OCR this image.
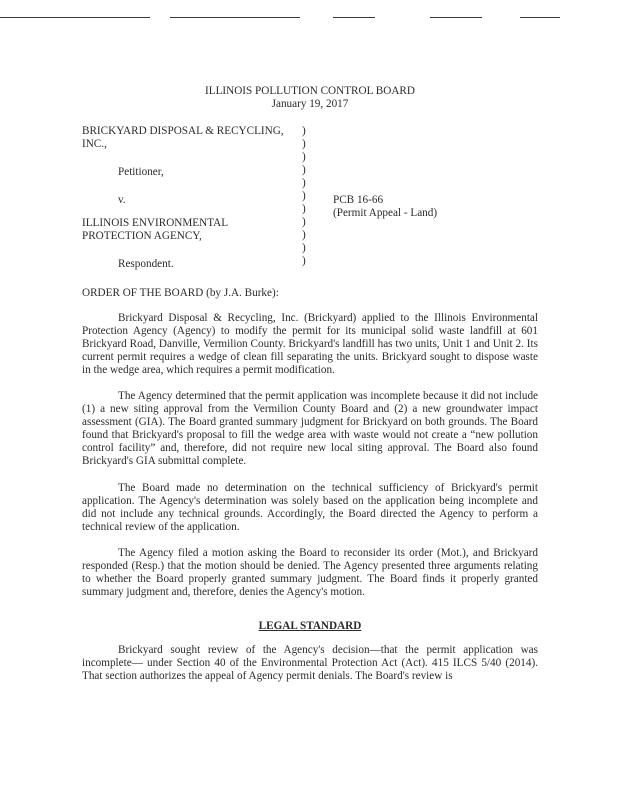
ILLINOIS POLLUTION CONTROL BOARD
January 19, 2017
BRICKYARD DISPOSAL & RECYCLING,
INC.,
Petitioner,
v.
ILLINOIS ENVIRONMENTAL
PROTECTION AGENCY,
Respondent.
)
)
)
)
)
)
)
)
)
)
)
PCB 16-66
(Permit Appeal - Land)
ORDER OF THE BOARD (by J.A. Burke):

Brickyard Disposal & Recycling, Inc. (Brickyard) applied to the Illinois Environmental Protection Agency (Agency) to modify the permit for its municipal solid waste landfill at 601 Brickyard Road, Danville, Vermilion County. Brickyard's landfill has two units, Unit 1 and Unit 2. Its current permit requires a wedge of clean fill separating the units. Brickyard sought to dispose waste in the wedge area, which requires a permit modification.

The Agency determined that the permit application was incomplete because it did not include (1) a new siting approval from the Vermilion County Board and (2) a new groundwater impact assessment (GIA). The Board granted summary judgment for Brickyard on both grounds. The Board found that Brickyard's proposal to fill the wedge area with waste would not create a “new pollution control facility” and, therefore, did not require new local siting approval. The Board also found Brickyard's GIA submittal complete.

The Board made no determination on the technical sufficiency of Brickyard's permit application. The Agency's determination was solely based on the application being incomplete and did not include any technical grounds. Accordingly, the Board directed the Agency to perform a technical review of the application.

The Agency filed a motion asking the Board to reconsider its order (Mot.), and Brickyard responded (Resp.) that the motion should be denied. The Agency presented three arguments relating to whether the Board properly granted summary judgment. The Board finds it properly granted summary judgment and, therefore, denies the Agency's motion.

LEGAL STANDARD

Brickyard sought review of the Agency's decision—that the permit application was incomplete— under Section 40 of the Environmental Protection Act (Act). 415 ILCS 5/40 (2014). That section authorizes the appeal of Agency permit denials. The Board's review is
